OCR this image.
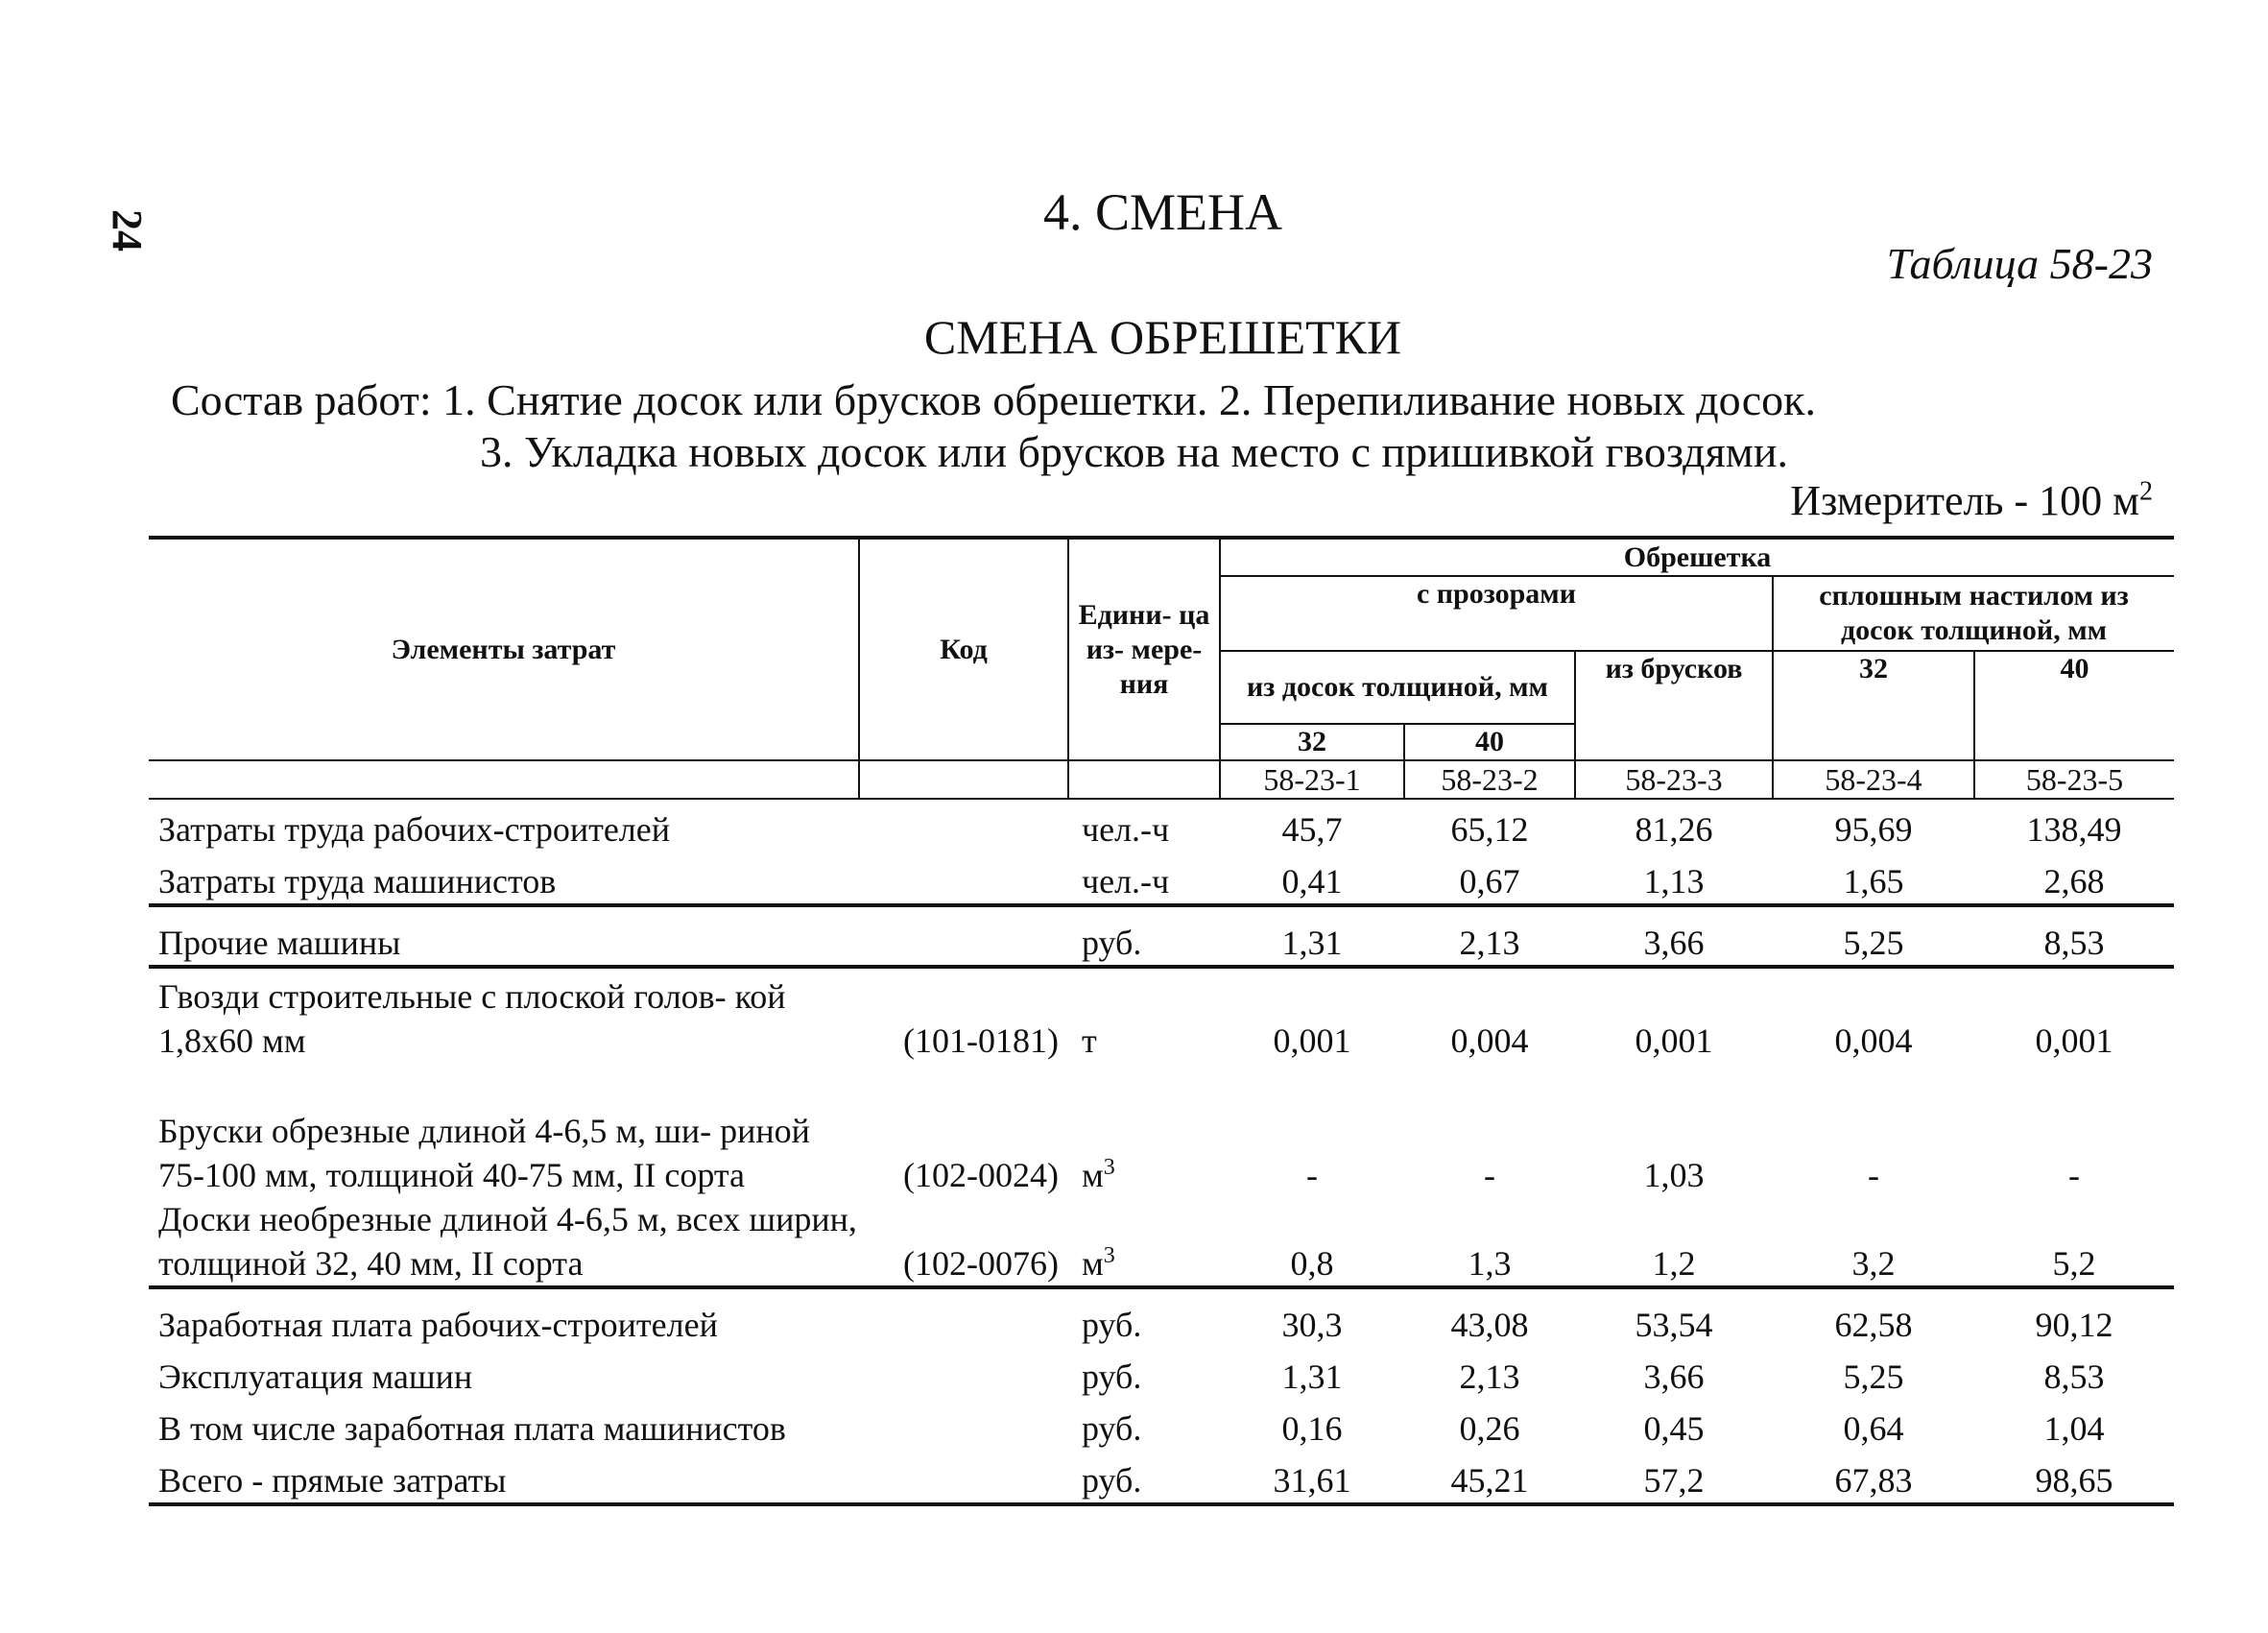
24	4. СМЕНА
Таблица 58-23
СМЕНА ОБРЕШЕТКИ
Состав работ: 1. Снятие досок или брусков обрешетки. 2. Перепиливание новых досок.
3. Укладка новых досок или брусков на место с пришивкой гвоздями.
Измеритель - 100 $м^2$
Элементы затрат	Код	Едини- ца из- мере- ния	Обрешетка				
			с прозорами			сплошным настилом из досок толщиной, мм	
			из досок толщиной, мм		из брусков	32	40
			32	40			
			58-23-1	58-23-2	58-23-3	58-23-4	58-23-5
Затраты труда рабочих-строителей		чел.-ч	45,7	65,12	81,26	95,69	138,49
Затраты труда машинистов		чел.-ч	0,41	0,67	1,13	1,65	2,68
Прочие машины		руб.	1,31	2,13	3,66	5,25	8,53
Гвозди строительные с плоской голов- кой 1,8х60 мм	(101-0181)	т	0,001	0,004	0,001	0,004	0,001
Бруски обрезные длиной 4-6,5 м, ши- риной 75-100 мм, толщиной 40-75 мм, II сорта	(102-0024)	$м^3$	-	-	1,03	-	-
Доски необрезные длиной 4-6,5 м, всех ширин, толщиной 32, 40 мм, II сорта	(102-0076)	$м^3$	0,8	1,3	1,2	3,2	5,2
Заработная плата рабочих-строителей		руб.	30,3	43,08	53,54	62,58	90,12
Эксплуатация машин		руб.	1,31	2,13	3,66	5,25	8,53
В том числе заработная плата машинистов		руб.	0,16	0,26	0,45	0,64	1,04
Всего - прямые затраты		руб.	31,61	45,21	57,2	67,83	98,65
